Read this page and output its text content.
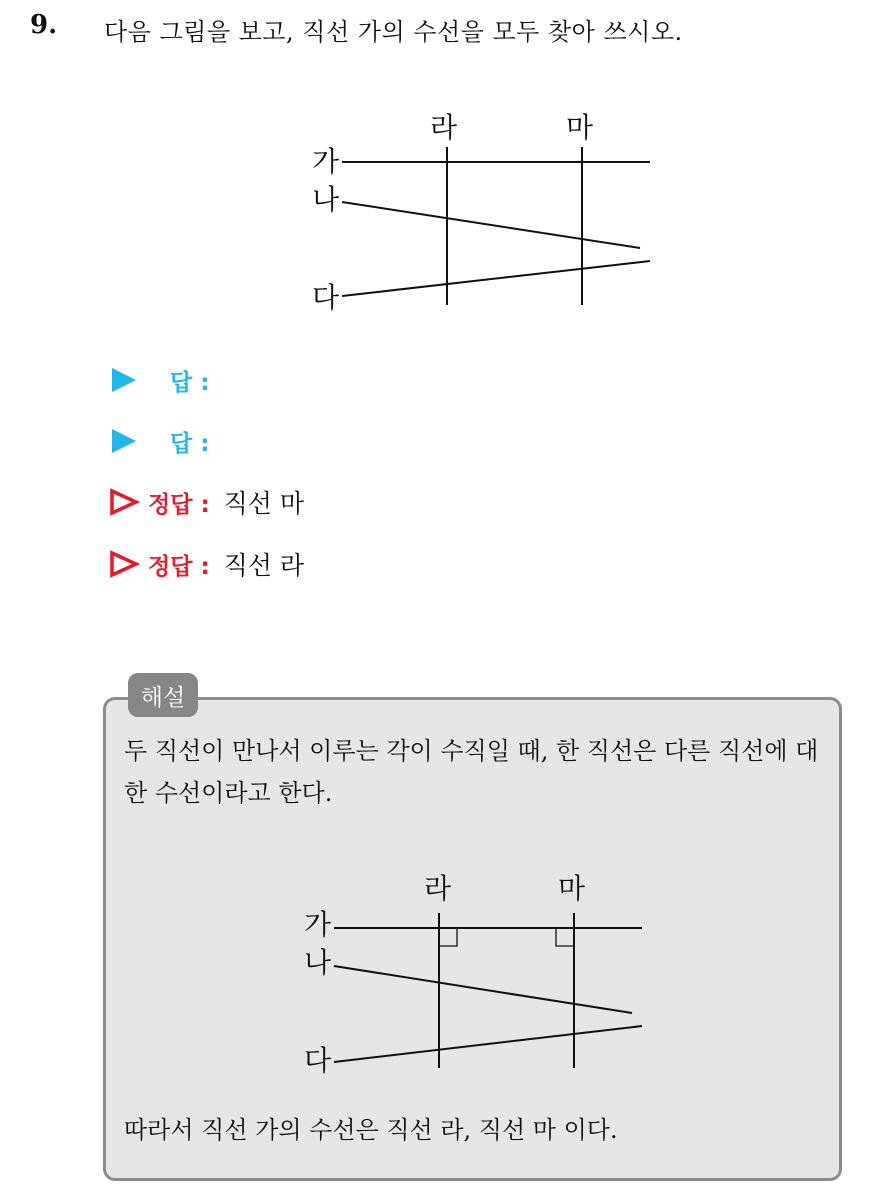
9. 다음 그림을 보고, 직선 가의 수선을 모두 찾아 쓰시오.
라	마
가
나
다
답 :
답 :
정답 : 직선 마
정답 : 직선 라
해설
두 직선이 만나서 이루는 각이 수직일 때, 한 직선은 다른 직선에 대한 수선이라고 한다.
라	마
가
나
다
따라서 직선 가의 수선은 직선 라, 직선 마 이다.
